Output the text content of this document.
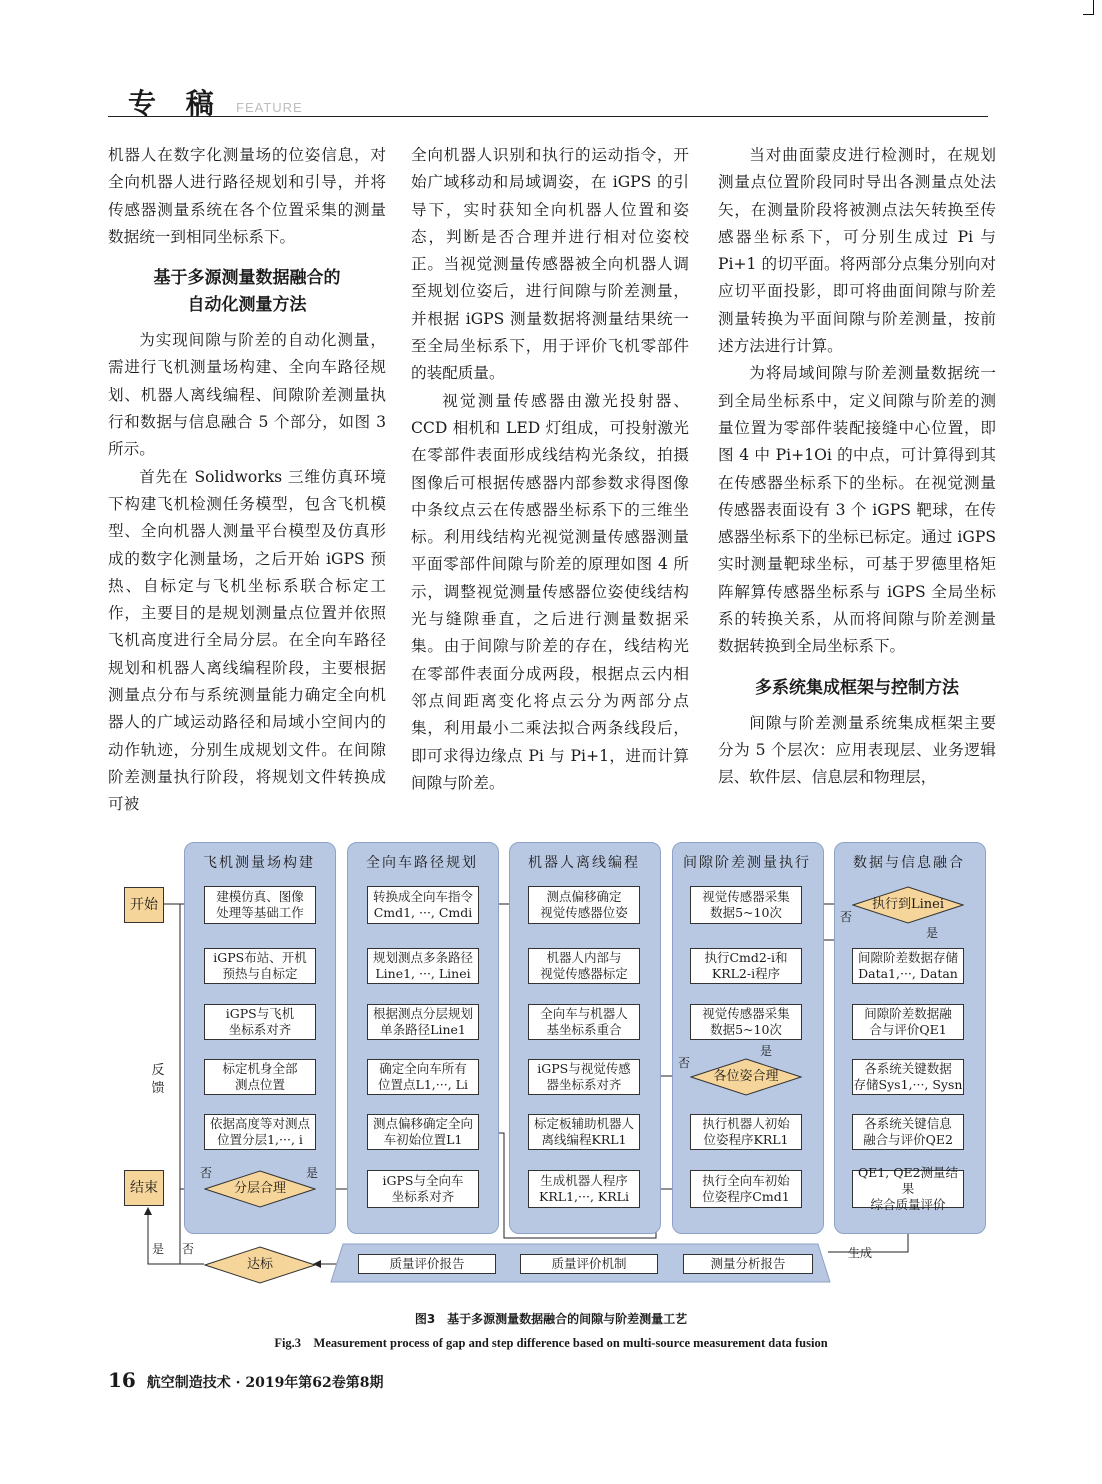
专 稿 FEATURE

机器人在数字化测量场的位姿信息，对全向机器人进行路径规划和引导，并将传感器测量系统在各个位置采集的测量数据统一到相同坐标系下。

基于多源测量数据融合的
自动化测量方法

为实现间隙与阶差的自动化测量，需进行飞机测量场构建、全向车路径规划、机器人离线编程、间隙阶差测量执行和数据与信息融合 5 个部分，如图 3 所示。

首先在 Solidworks 三维仿真环境下构建飞机检测任务模型，包含飞机模型、全向机器人测量平台模型及仿真形成的数字化测量场，之后开始 iGPS 预热、自标定与飞机坐标系联合标定工作，主要目的是规划测量点位置并依照飞机高度进行全局分层。在全向车路径规划和机器人离线编程阶段，主要根据测量点分布与系统测量能力确定全向机器人的广域运动路径和局域小空间内的动作轨迹，分别生成规划文件。在间隙阶差测量执行阶段，将规划文件转换成可被

全向机器人识别和执行的运动指令，开始广域移动和局域调姿，在 iGPS 的引导下，实时获知全向机器人位置和姿态，判断是否合理并进行相对位姿校正。当视觉测量传感器被全向机器人调至规划位姿后，进行间隙与阶差测量，并根据 iGPS 测量数据将测量结果统一至全局坐标系下，用于评价飞机零部件的装配质量。

视觉测量传感器由激光投射器、CCD 相机和 LED 灯组成，可投射激光在零部件表面形成线结构光条纹，拍摄图像后可根据传感器内部参数求得图像中条纹点云在传感器坐标系下的三维坐标。利用线结构光视觉测量传感器测量平面零部件间隙与阶差的原理如图 4 所示，调整视觉测量传感器位姿使线结构光与缝隙垂直，之后进行测量数据采集。由于间隙与阶差的存在，线结构光在零部件表面分成两段，根据点云内相邻点间距离变化将点云分为两部分点集，利用最小二乘法拟合两条线段后，即可求得边缘点 Pi 与 Pi+1，进而计算间隙与阶差。

当对曲面蒙皮进行检测时，在规划测量点位置阶段同时导出各测量点处法矢，在测量阶段将被测点法矢转换至传感器坐标系下，可分别生成过 Pi 与 Pi+1 的切平面。将两部分点集分别向对应切平面投影，即可将曲面间隙与阶差测量转换为平面间隙与阶差测量，按前述方法进行计算。

为将局域间隙与阶差测量数据统一到全局坐标系中，定义间隙与阶差的测量位置为零部件装配接缝中心位置，即图 4 中 Pi+1Oi 的中点，可计算得到其在传感器坐标系下的坐标。在视觉测量传感器表面设有 3 个 iGPS 靶球，在传感器坐标系下的坐标已标定。通过 iGPS 实时测量靶球坐标，可基于罗德里格矩阵解算传感器坐标系与 iGPS 全局坐标系的转换关系，从而将间隙与阶差测量数据转换到全局坐标系下。

多系统集成框架与控制方法

间隙与阶差测量系统集成框架主要分为 5 个层次：应用表现层、业务逻辑层、软件层、信息层和物理层，

飞机测量场构建	全向车路径规划	机器人离线编程	间隙阶差测量执行	数据与信息融合
开始
结束
反
馈
建模仿真、图像
处理等基础工作
iGPS布站、开机
预热与自标定
iGPS与飞机
坐标系对齐
标定机身全部
测点位置
依据高度等对测点
位置分层1,···, i
分层合理
转换成全向车指令
Cmd1, ···, Cmdi
规划测点多条路径
Line1, ···, Linei
根据测点分层规划
单条路径Line1
确定全向车所有
位置点L1,···, Li
测点偏移确定全向
车初始位置L1
iGPS与全向车
坐标系对齐
测点偏移确定
视觉传感器位姿
机器人内部与
视觉传感器标定
全向车与机器人
基坐标系重合
iGPS与视觉传感
器坐标系对齐
标定板辅助机器人
离线编程KRL1
生成机器人程序
KRL1,···, KRLi
视觉传感器采集
数据5~10次
执行Cmd2-i和
KRL2-i程序
视觉传感器采集
数据5~10次
各位姿合理
执行机器人初始
位姿程序KRL1
执行全向车初始
位姿程序Cmd1
执行到Linei
间隙阶差数据存储
Data1,···, Datan
间隙阶差数据融
合与评价QE1
各系统关键数据
存储Sys1,···, Sysn
各系统关键信息
融合与评价QE2
QE1, QE2测量结果
综合质量评价
测量分析报告
质量评价机制
质量评价报告
达标
否	是
否
是
否
是
生成
是 否
图3　基于多源测量数据融合的间隙与阶差测量工艺
Fig.3　Measurement process of gap and step difference based on multi-source measurement data fusion
16 航空制造技术 · 2019年第62卷第8期
